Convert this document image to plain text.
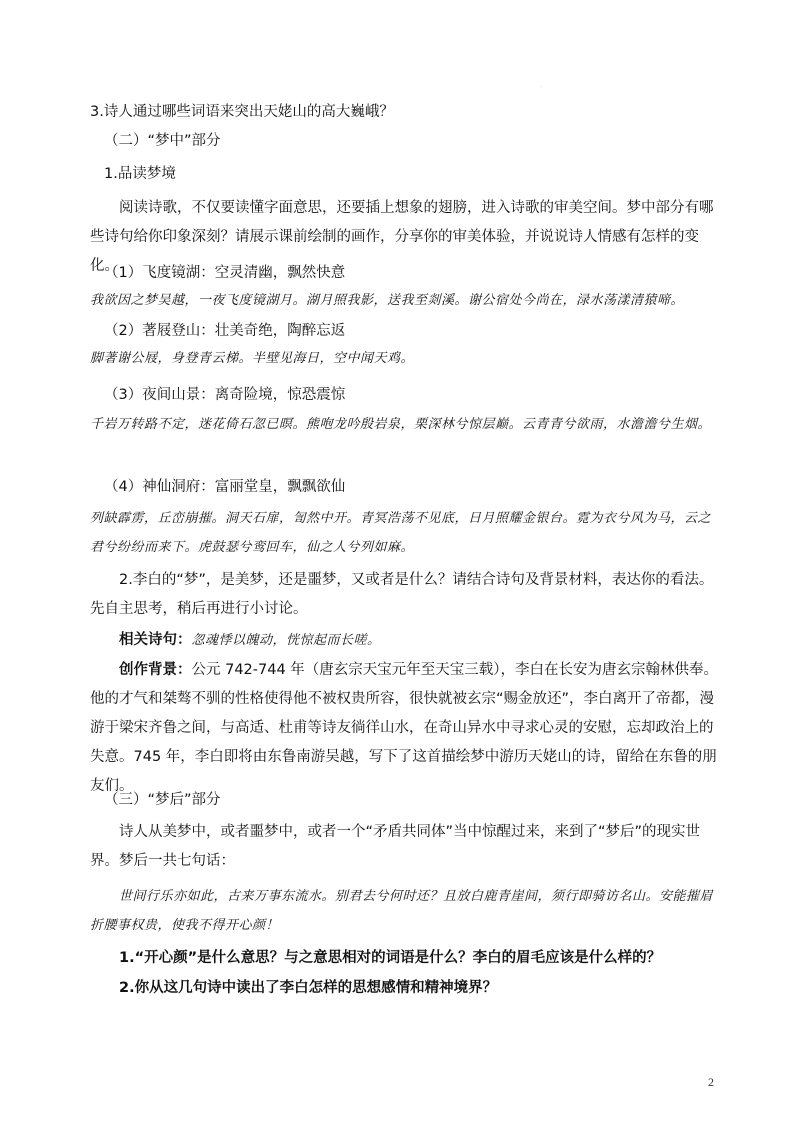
·

3.诗人通过哪些词语来突出天姥山的高大巍峨？

（二）“梦中”部分

1.品读梦境

阅读诗歌，不仅要读懂字面意思，还要插上想象的翅膀，进入诗歌的审美空间。梦中部分有哪些诗句给你印象深刻？请展示课前绘制的画作，分享你的审美体验，并说说诗人情感有怎样的变化。

（1）飞度镜湖：空灵清幽，飘然快意

我欲因之梦吴越，一夜飞度镜湖月。湖月照我影，送我至剡溪。谢公宿处今尚在，渌水荡漾清猿啼。

（2）著屐登山：壮美奇绝，陶醉忘返

脚著谢公屐，身登青云梯。半壁见海日，空中闻天鸡。

（3）夜间山景：离奇险境，惊恐震惊

千岩万转路不定，迷花倚石忽已暝。熊咆龙吟殷岩泉，栗深林兮惊层巅。云青青兮欲雨，水澹澹兮生烟。

（4）神仙洞府：富丽堂皇，飘飘欲仙

列缺霹雳，丘峦崩摧。洞天石扉，訇然中开。青冥浩荡不见底，日月照耀金银台。霓为衣兮风为马，云之君兮纷纷而来下。虎鼓瑟兮鸾回车，仙之人兮列如麻。

2.李白的“梦”，是美梦，还是噩梦，又或者是什么？请结合诗句及背景材料，表达你的看法。先自主思考，稍后再进行小讨论。

相关诗句：忽魂悸以魄动，恍惊起而长嗟。

创作背景：公元 742-744 年（唐玄宗天宝元年至天宝三载），李白在长安为唐玄宗翰林供奉。他的才气和桀骜不驯的性格使得他不被权贵所容，很快就被玄宗“赐金放还”，李白离开了帝都，漫游于梁宋齐鲁之间，与高适、杜甫等诗友徜徉山水，在奇山异水中寻求心灵的安慰，忘却政治上的失意。745 年，李白即将由东鲁南游吴越，写下了这首描绘梦中游历天姥山的诗，留给在东鲁的朋友们。

（三）“梦后”部分

诗人从美梦中，或者噩梦中，或者一个“矛盾共同体”当中惊醒过来，来到了“梦后”的现实世界。梦后一共七句话：

世间行乐亦如此，古来万事东流水。别君去兮何时还？且放白鹿青崖间，须行即骑访名山。安能摧眉折腰事权贵，使我不得开心颜！

1.“开心颜”是什么意思？与之意思相对的词语是什么？李白的眉毛应该是什么样的？

2.你从这几句诗中读出了李白怎样的思想感情和精神境界？

2
